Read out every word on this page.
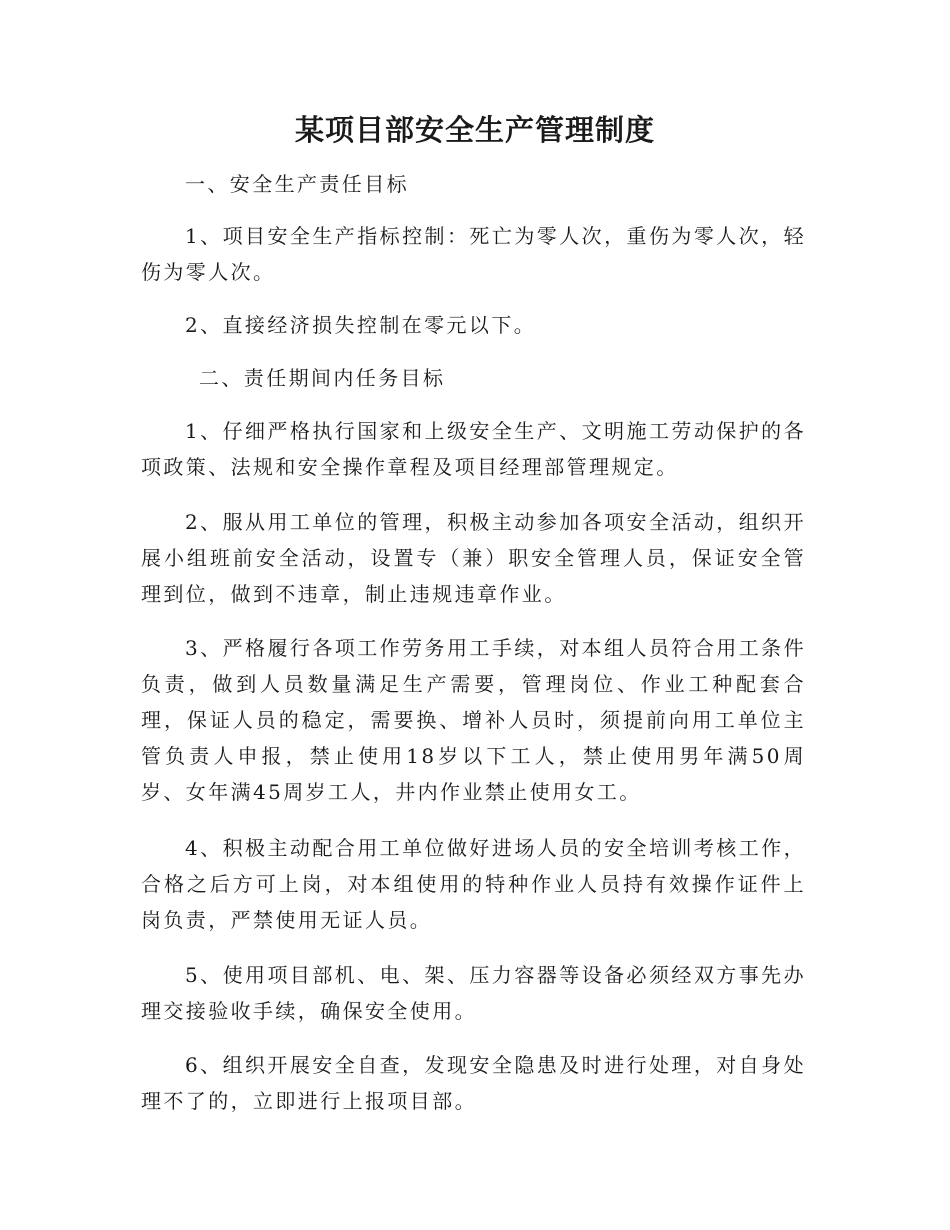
某项目部安全生产管理制度

一、安全生产责任目标

1、项目安全生产指标控制：死亡为零人次，重伤为零人次，轻伤为零人次。

2、直接经济损失控制在零元以下。

二、责任期间内任务目标

1、仔细严格执行国家和上级安全生产、文明施工劳动保护的各项政策、法规和安全操作章程及项目经理部管理规定。

2、服从用工单位的管理，积极主动参加各项安全活动，组织开展小组班前安全活动，设置专（兼）职安全管理人员，保证安全管理到位，做到不违章，制止违规违章作业。

3、严格履行各项工作劳务用工手续，对本组人员符合用工条件负责，做到人员数量满足生产需要，管理岗位、作业工种配套合理，保证人员的稳定，需要换、增补人员时，须提前向用工单位主管负责人申报，禁止使用18岁以下工人，禁止使用男年满50周岁、女年满45周岁工人，井内作业禁止使用女工。

4、积极主动配合用工单位做好进场人员的安全培训考核工作，合格之后方可上岗，对本组使用的特种作业人员持有效操作证件上岗负责，严禁使用无证人员。

5、使用项目部机、电、架、压力容器等设备必须经双方事先办理交接验收手续，确保安全使用。

6、组织开展安全自查，发现安全隐患及时进行处理，对自身处理不了的，立即进行上报项目部。
